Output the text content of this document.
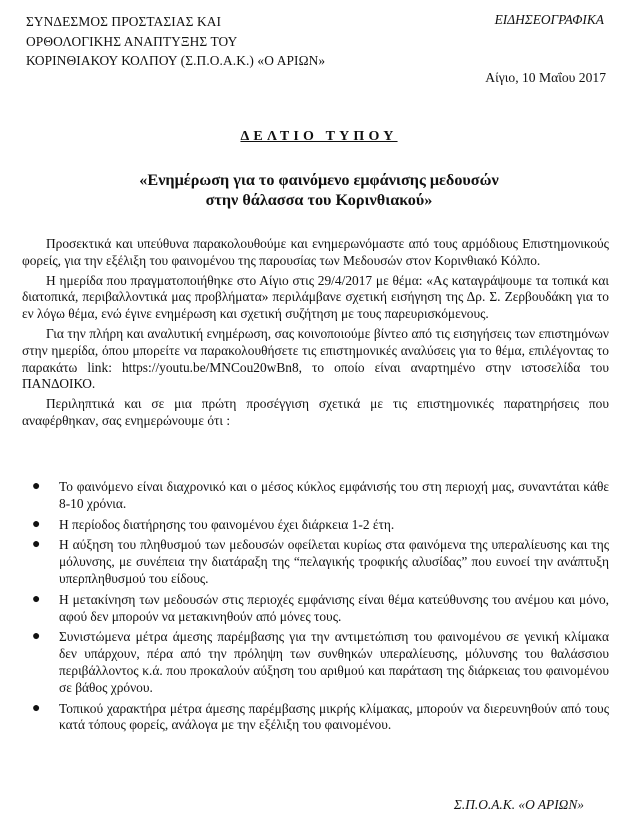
ΣΥΝΔΕΣΜΟΣ ΠΡΟΣΤΑΣΙΑΣ ΚΑΙ
ΟΡΘΟΛΟΓΙΚΗΣ ΑΝΑΠΤΥΞΗΣ ΤΟΥ
ΚΟΡΙΝΘΙΑΚΟΥ ΚΟΛΠΟΥ (Σ.Π.Ο.Α.Κ.) «Ο ΑΡΙΩΝ»
ΕΙΔΗΣΕΟΓΡΑΦΙΚΑ
Αίγιο, 10 Μαΐου 2017
ΔΕΛΤΙΟ ΤΥΠΟΥ
«Ενημέρωση για το φαινόμενο εμφάνισης μεδουσών
στην θάλασσα του Κορινθιακού»

Προσεκτικά και υπεύθυνα παρακολουθούμε και ενημερωνόμαστε από τους αρμόδιους Επιστημονικούς φορείς, για την εξέλιξη του φαινομένου της παρουσίας των Μεδουσών στον Κορινθιακό Κόλπο.

Η ημερίδα που πραγματοποιήθηκε στο Αίγιο στις 29/4/2017 με θέμα: «Ας καταγράψουμε τα τοπικά και διατοπικά, περιβαλλοντικά μας προβλήματα» περιλάμβανε σχετική εισήγηση της Δρ. Σ. Ζερβουδάκη για το εν λόγω θέμα, ενώ έγινε ενημέρωση και σχετική συζήτηση με τους παρευρισκόμενους.

Για την πλήρη και αναλυτική ενημέρωση, σας κοινοποιούμε βίντεο από τις εισηγήσεις των επιστημόνων στην ημερίδα, όπου μπορείτε να παρακολουθήσετε τις επιστημονικές αναλύσεις για το θέμα, επιλέγοντας το παρακάτω link: https://youtu.be/MNCou20wBn8, το οποίο είναι αναρτημένο στην ιστοσελίδα του ΠΑΝΔΟΙΚΟ.

Περιληπτικά και σε μια πρώτη προσέγγιση σχετικά με τις επιστημονικές παρατηρήσεις που αναφέρθηκαν, σας ενημερώνουμε ότι :

● Το φαινόμενο είναι διαχρονικό και ο μέσος κύκλος εμφάνισής του στη περιοχή μας, συναντάται κάθε 8-10 χρόνια.
● Η περίοδος διατήρησης του φαινομένου έχει διάρκεια 1-2 έτη.
● Η αύξηση του πληθυσμού των μεδουσών οφείλεται κυρίως στα φαινόμενα της υπεραλίευσης και της μόλυνσης, με συνέπεια την διατάραξη της “πελαγικής τροφικής αλυσίδας” που ευνοεί την ανάπτυξη υπερπληθυσμού του είδους.
● Η μετακίνηση των μεδουσών στις περιοχές εμφάνισης είναι θέμα κατεύθυνσης του ανέμου και μόνο, αφού δεν μπορούν να μετακινηθούν από μόνες τους.
● Συνιστώμενα μέτρα άμεσης παρέμβασης για την αντιμετώπιση του φαινομένου σε γενική κλίμακα δεν υπάρχουν, πέρα από την πρόληψη των συνθηκών υπεραλίευσης, μόλυνσης του θαλάσσιου περιβάλλοντος κ.ά. που προκαλούν αύξηση του αριθμού και παράταση της διάρκειας του φαινομένου σε βάθος χρόνου.
● Τοπικού χαρακτήρα μέτρα άμεσης παρέμβασης μικρής κλίμακας, μπορούν να διερευνηθούν από τους κατά τόπους φορείς, ανάλογα με την εξέλιξη του φαινομένου.
Σ.Π.Ο.Α.Κ. «Ο ΑΡΙΩΝ»
